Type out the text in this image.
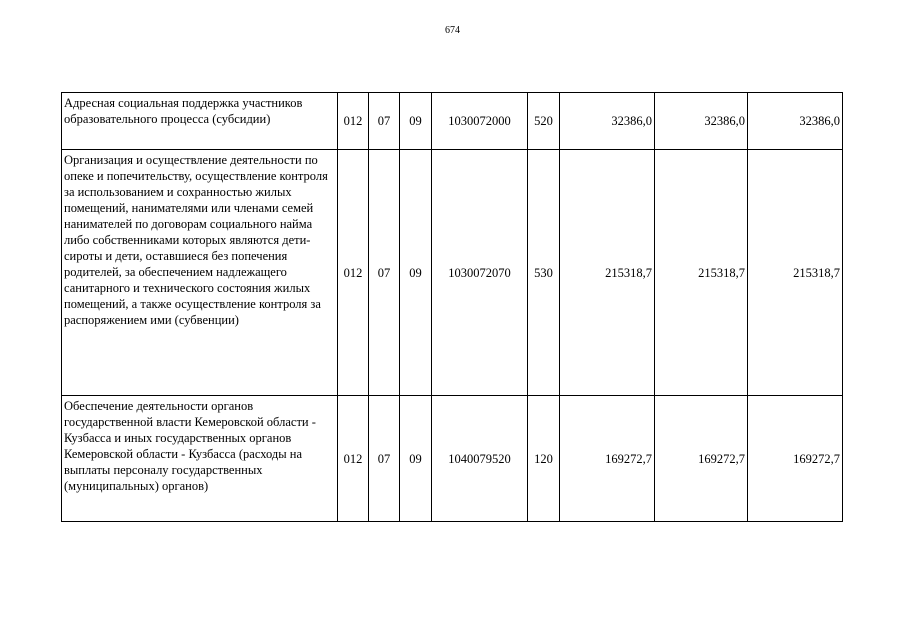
674
Адресная социальная поддержка участников образовательного процесса (субсидии)	012	07	09	1030072000	520	32386,0	32386,0	32386,0
Организация и осуществление деятельности по опеке и попечительству, осуществление контроля за использованием и сохранностью жилых помещений, нанимателями или членами семей нанимателей по договорам социального найма либо собственниками которых являются дети-сироты и дети, оставшиеся без попечения родителей, за обеспечением надлежащего санитарного и технического состояния жилых помещений, а также осуществление контроля за распоряжением ими (субвенции)	012	07	09	1030072070	530	215318,7	215318,7	215318,7
Обеспечение деятельности органов государственной власти Кемеровской области - Кузбасса и иных государственных органов Кемеровской области - Кузбасса (расходы на выплаты персоналу государственных (муниципальных) органов)	012	07	09	1040079520	120	169272,7	169272,7	169272,7
